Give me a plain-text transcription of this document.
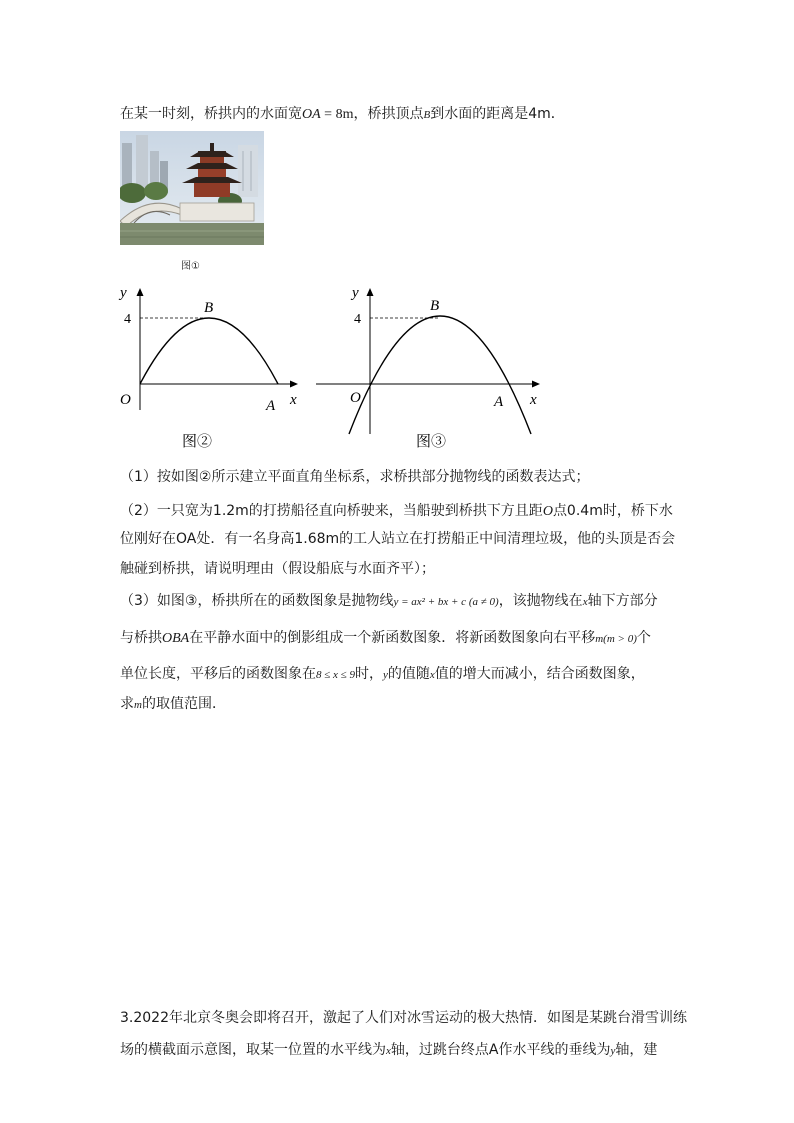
在某一时刻，桥拱内的水面宽OA = 8m，桥拱顶点B到水面的距离是4m．
图①
y
4
B
O	A x
图②
y
4
B
O	A x
图③
（1）按如图②所示建立平面直角坐标系，求桥拱部分抛物线的函数表达式；
（2）一只宽为1.2m的打捞船径直向桥驶来，当船驶到桥拱下方且距O点0.4m时，桥下水
位刚好在OA处．有一名身高1.68m的工人站立在打捞船正中间清理垃圾，他的头顶是否会
触碰到桥拱，请说明理由（假设船底与水面齐平）；
（3）如图③，桥拱所在的函数图象是抛物线y = ax² + bx + c (a ≠ 0)，该抛物线在x轴下方部分
与桥拱OBA在平静水面中的倒影组成一个新函数图象．将新函数图象向右平移m(m > 0)个
单位长度，平移后的函数图象在8 ≤ x ≤ 9时，y的值随x值的增大而减小，结合函数图象，
求m的取值范围．
3.2022年北京冬奥会即将召开，激起了人们对冰雪运动的极大热情．如图是某跳台滑雪训练
场的横截面示意图，取某一位置的水平线为x轴，过跳台终点A作水平线的垂线为y轴，建
